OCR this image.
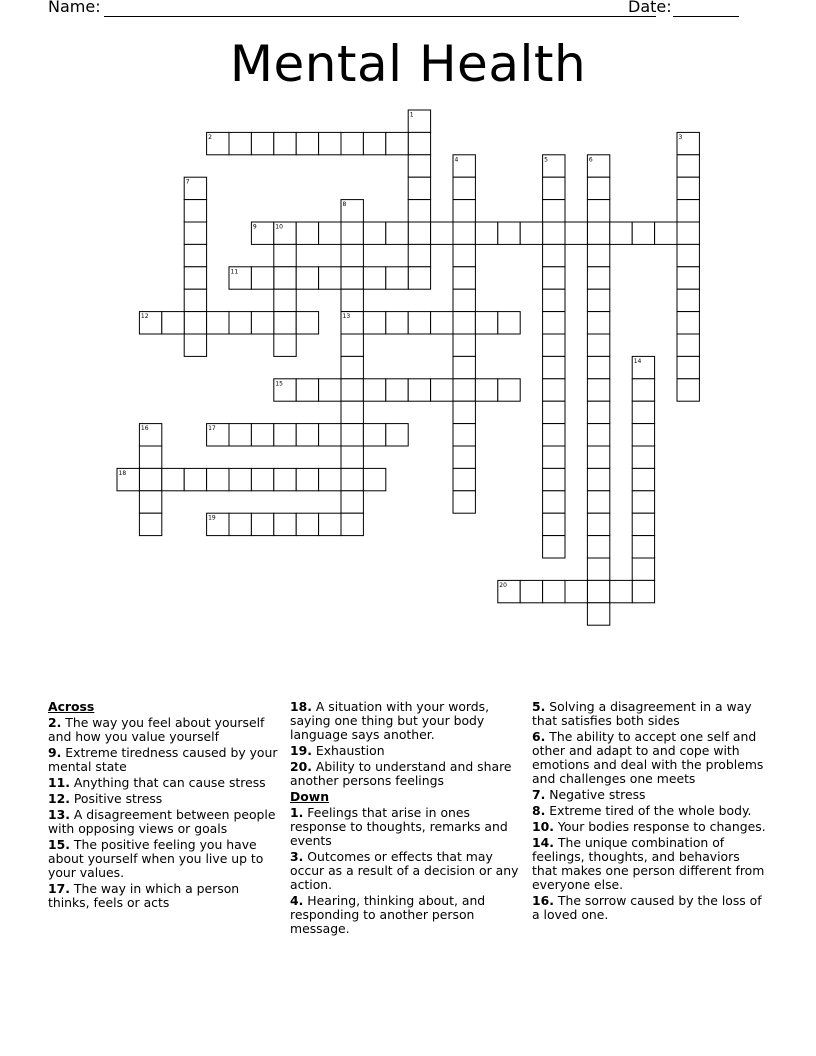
Name:	Date:
Mental Health
1
2	3
4	5	6
7
8
9	10
11
12	13
14
15
16	17
18
19
20
Across
2. The way you feel about yourself and how you value yourself
9. Extreme tiredness caused by your mental state
11. Anything that can cause stress
12. Positive stress
13. A disagreement between people with opposing views or goals
15. The positive feeling you have about yourself when you live up to your values.
17. The way in which a person thinks, feels or acts
18. A situation with your words, saying one thing but your body language says another.
19. Exhaustion
20. Ability to understand and share another persons feelings
Down
1. Feelings that arise in ones response to thoughts, remarks and events
3. Outcomes or effects that may occur as a result of a decision or any action.
4. Hearing, thinking about, and responding to another person message.
5. Solving a disagreement in a way that satisfies both sides
6. The ability to accept one self and other and adapt to and cope with emotions and deal with the problems and challenges one meets
7. Negative stress
8. Extreme tired of the whole body.
10. Your bodies response to changes.
14. The unique combination of feelings, thoughts, and behaviors that makes one person different from everyone else.
16. The sorrow caused by the loss of a loved one.
